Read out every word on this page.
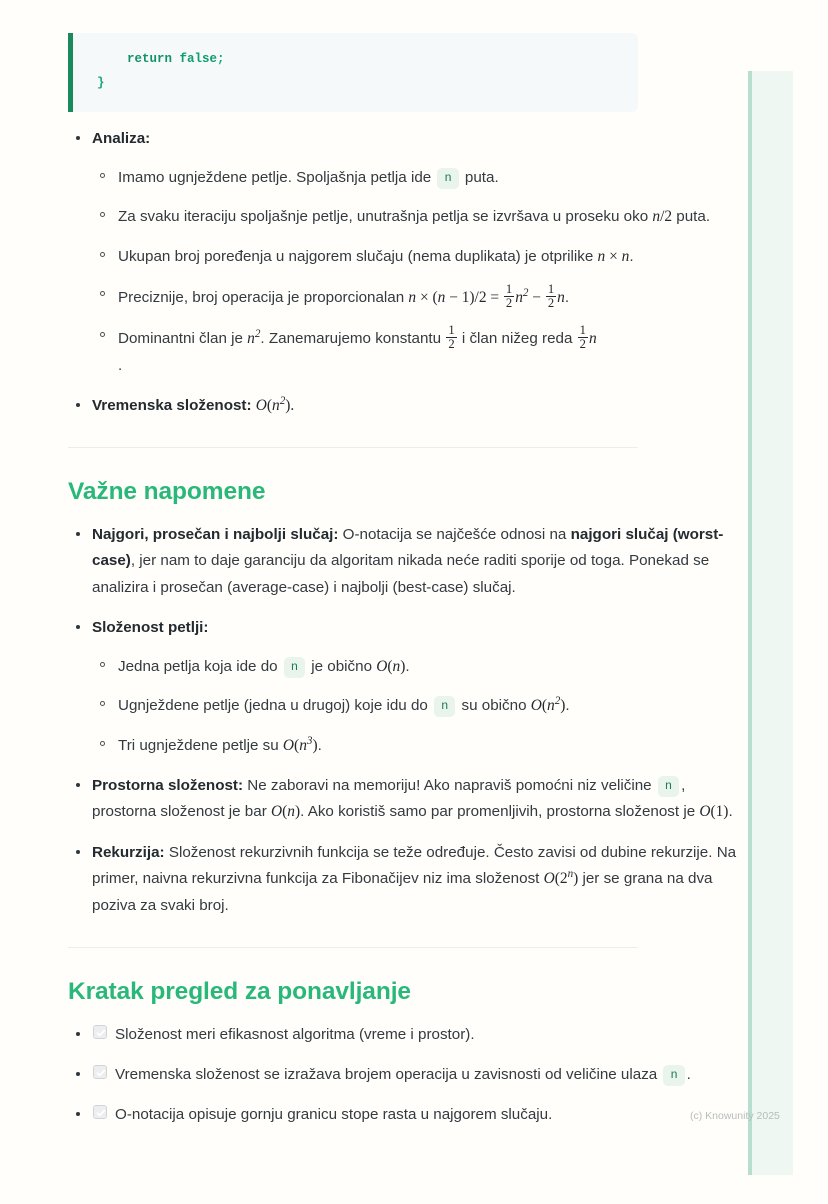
return false;
}
Analiza:
Imamo ugnježdene petlje. Spoljašnja petlja ide n puta.
Za svaku iteraciju spoljašnje petlje, unutrašnja petlja se izvršava u proseku oko n/2 puta.
Ukupan broj poređenja u najgorem slučaju (nema duplikata) je otprilike n × n.
Preciznije, broj operacija je proporcionalan $n \times (n - 1)/2 = \frac{1}{2} n^2 - \frac{1}{2} n$.
Dominantni član je $n^2$. Zanemarujemo konstantu $\frac{1}{2}$ i član nižeg reda $\frac{1}{2}$ n
.
Vremenska složenost: $O(n^2)$.
Važne napomene
Najgori, prosečan i najbolji slučaj: O-notacija se najčešće odnosi na najgori slučaj (worst-case), jer nam to daje garanciju da algoritam nikada neće raditi sporije od toga. Ponekad se analizira i prosečan (average-case) i najbolji (best-case) slučaj.
Složenost petlji:
Jedna petlja koja ide do n je obično O(n).
Ugnježdene petlje (jedna u drugoj) koje idu do n su obično $O(n^2)$.
Tri ugnježdene petlje su $O(n^3)$.
Prostorna složenost: Ne zaboravi na memoriju! Ako napraviš pomoćni niz veličine n , prostorna složenost je bar O(n). Ako koristiš samo par promenljivih, prostorna složenost je O(1).
Rekurzija: Složenost rekurzivnih funkcija se teže određuje. Često zavisi od dubine rekurzije. Na primer, naivna rekurzivna funkcija za Fibonačijev niz ima složenost O(2$^n$) jer se grana na dva poziva za svaki broj.
Kratak pregled za ponavljanje
Složenost meri efikasnost algoritma (vreme i prostor).
Vremenska složenost se izražava brojem operacija u zavisnosti od veličine ulaza n .
O-notacija opisuje gornju granicu stope rasta u najgorem slučaju.	(c) Knowunity 2025
